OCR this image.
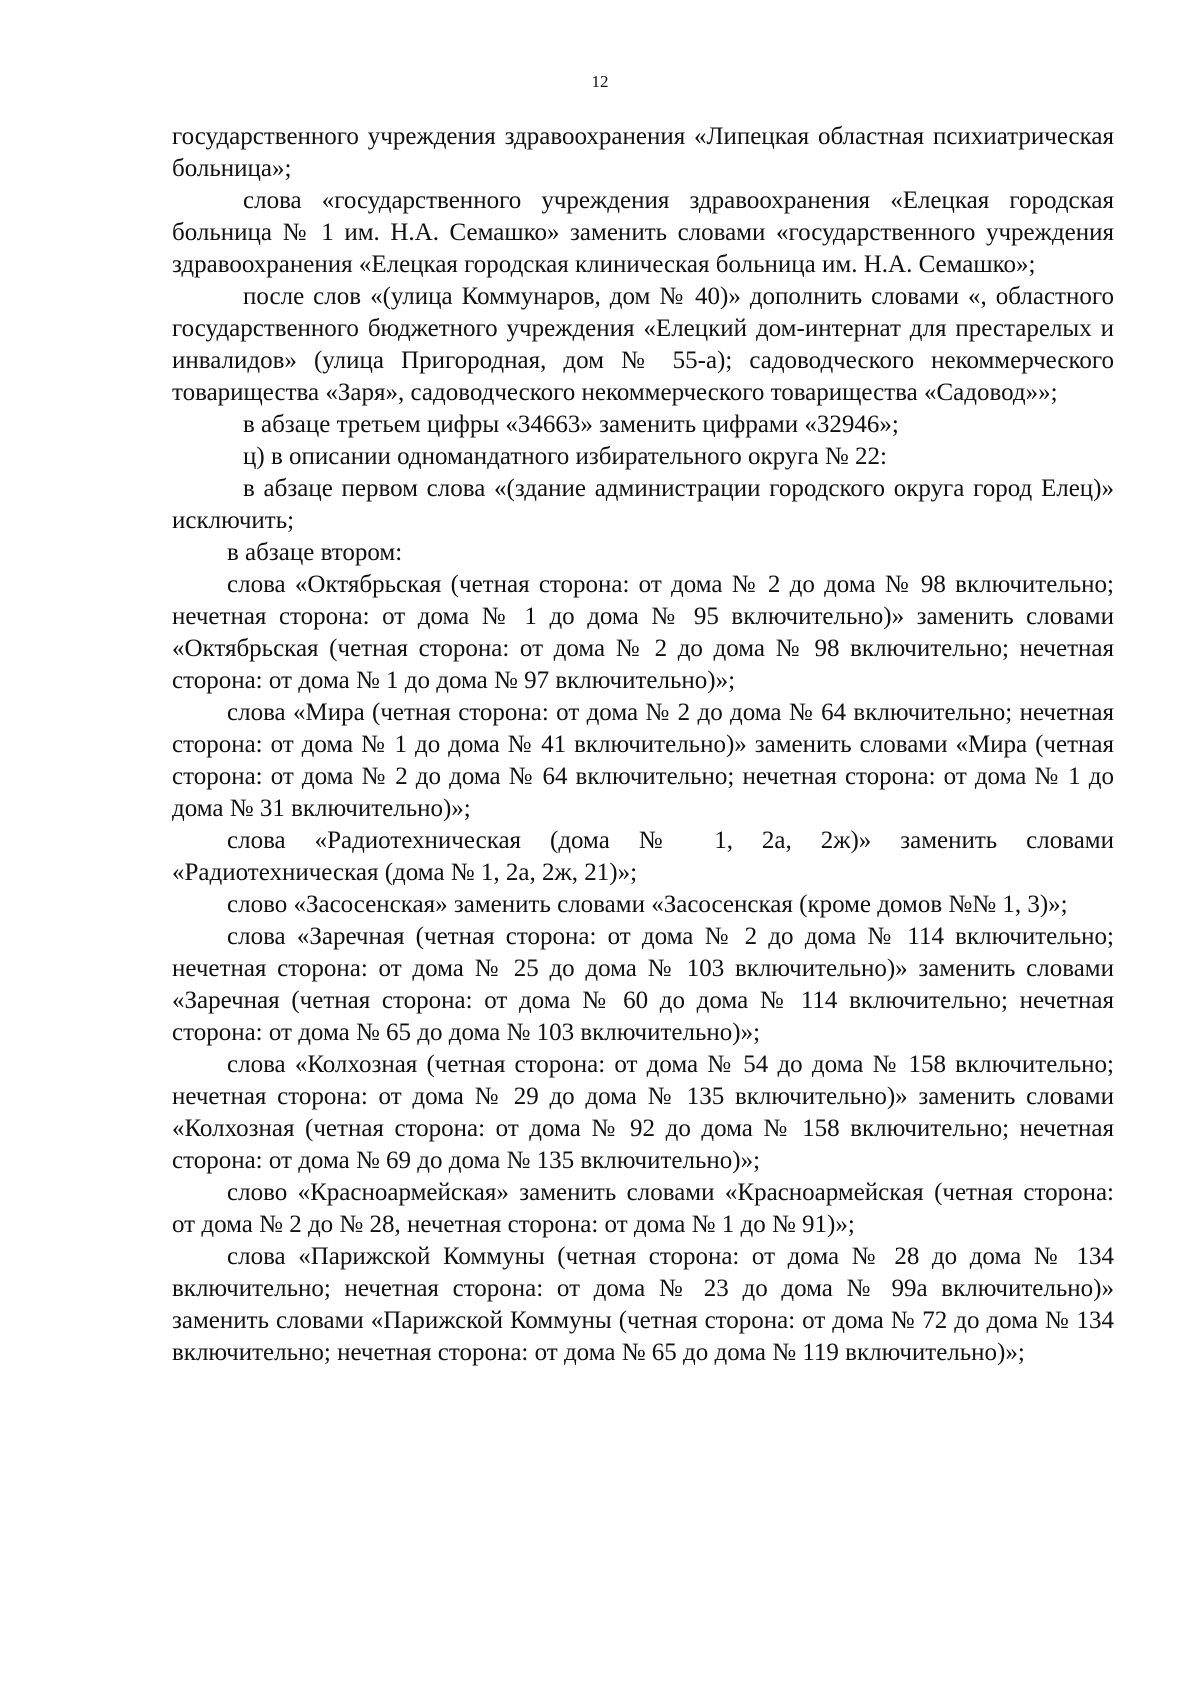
12

государственного учреждения здравоохранения «Липецкая областная психиатрическая больница»;

слова «государственного учреждения здравоохранения «Елецкая городская больница № 1 им. Н.А. Семашко» заменить словами «государственного учреждения здравоохранения «Елецкая городская клиническая больница им. Н.А. Семашко»;

после слов «(улица Коммунаров, дом № 40)» дополнить словами «, областного государственного бюджетного учреждения «Елецкий дом-интернат для престарелых и инвалидов» (улица Пригородная, дом № 55-а); садоводческого некоммерческого товарищества «Заря», садоводческого некоммерческого товарищества «Садовод»»;

в абзаце третьем цифры «34663» заменить цифрами «32946»;

ц) в описании одномандатного избирательного округа № 22:

в абзаце первом слова «(здание администрации городского округа город Елец)» исключить;

в абзаце втором:

слова «Октябрьская (четная сторона: от дома № 2 до дома № 98 включительно; нечетная сторона: от дома № 1 до дома № 95 включительно)» заменить словами «Октябрьская (четная сторона: от дома № 2 до дома № 98 включительно; нечетная сторона: от дома № 1 до дома № 97 включительно)»;

слова «Мира (четная сторона: от дома № 2 до дома № 64 включительно; нечетная сторона: от дома № 1 до дома № 41 включительно)» заменить словами «Мира (четная сторона: от дома № 2 до дома № 64 включительно; нечетная сторона: от дома № 1 до дома № 31 включительно)»;

слова «Радиотехническая (дома № 1, 2а, 2ж)» заменить словами «Радиотехническая (дома № 1, 2а, 2ж, 21)»;

слово «Засосенская» заменить словами «Засосенская (кроме домов №№ 1, 3)»;

слова «Заречная (четная сторона: от дома № 2 до дома № 114 включительно; нечетная сторона: от дома № 25 до дома № 103 включительно)» заменить словами «Заречная (четная сторона: от дома № 60 до дома № 114 включительно; нечетная сторона: от дома № 65 до дома № 103 включительно)»;

слова «Колхозная (четная сторона: от дома № 54 до дома № 158 включительно; нечетная сторона: от дома № 29 до дома № 135 включительно)» заменить словами «Колхозная (четная сторона: от дома № 92 до дома № 158 включительно; нечетная сторона: от дома № 69 до дома № 135 включительно)»;

слово «Красноармейская» заменить словами «Красноармейская (четная сторона: от дома № 2 до № 28, нечетная сторона: от дома № 1 до № 91)»;

слова «Парижской Коммуны (четная сторона: от дома № 28 до дома № 134 включительно; нечетная сторона: от дома № 23 до дома № 99а включительно)» заменить словами «Парижской Коммуны (четная сторона: от дома № 72 до дома № 134 включительно; нечетная сторона: от дома № 65 до дома № 119 включительно)»;
